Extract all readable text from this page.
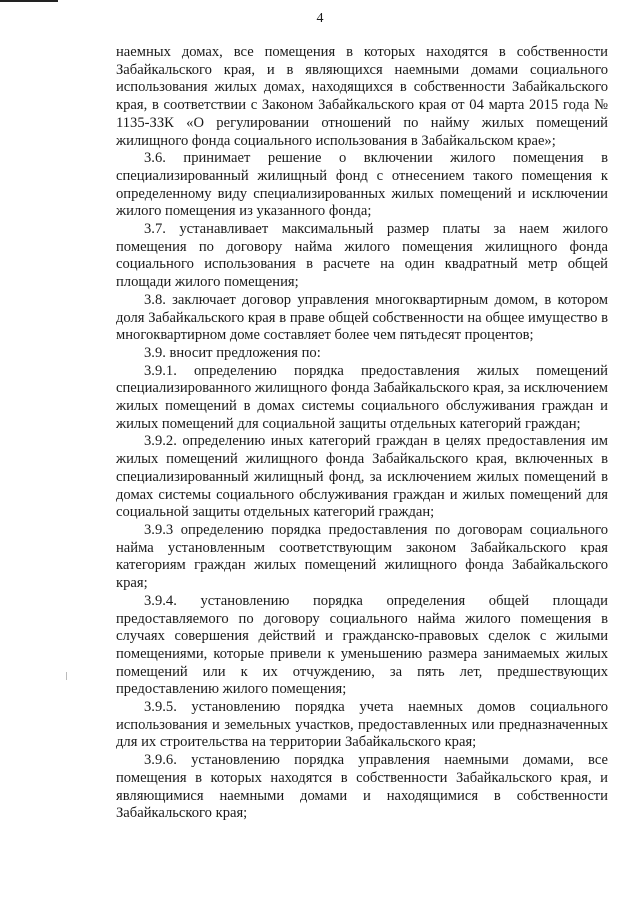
4

наемных домах, все помещения в которых находятся в собственности Забайкальского края, и в являющихся наемными домами социального использования жилых домах, находящихся в собственности Забайкальского края, в соответствии с Законом Забайкальского края от 04 марта 2015 года № 1135-ЗЗК «О регулировании отношений по найму жилых помещений жилищного фонда социального использования в Забайкальском крае»;

3.6. принимает решение о включении жилого помещения в специализированный жилищный фонд с отнесением такого помещения к определенному виду специализированных жилых помещений и исключении жилого помещения из указанного фонда;

3.7. устанавливает максимальный размер платы за наем жилого помещения по договору найма жилого помещения жилищного фонда социального использования в расчете на один квадратный метр общей площади жилого помещения;

3.8. заключает договор управления многоквартирным домом, в котором доля Забайкальского края в праве общей собственности на общее имущество в многоквартирном доме составляет более чем пятьдесят процентов;

3.9. вносит предложения по:

3.9.1. определению порядка предоставления жилых помещений специализированного жилищного фонда Забайкальского края, за исключением жилых помещений в домах системы социального обслуживания граждан и жилых помещений для социальной защиты отдельных категорий граждан;

3.9.2. определению иных категорий граждан в целях предоставления им жилых помещений жилищного фонда Забайкальского края, включенных в специализированный жилищный фонд, за исключением жилых помещений в домах системы социального обслуживания граждан и жилых помещений для социальной защиты отдельных категорий граждан;

3.9.3 определению порядка предоставления по договорам социального найма установленным соответствующим законом Забайкальского края категориям граждан жилых помещений жилищного фонда Забайкальского края;

3.9.4. установлению порядка определения общей площади предоставляемого по договору социального найма жилого помещения в случаях совершения действий и гражданско-правовых сделок с жилыми помещениями, которые привели к уменьшению размера занимаемых жилых помещений или к их отчуждению, за пять лет, предшествующих предоставлению жилого помещения;

3.9.5. установлению порядка учета наемных домов социального использования и земельных участков, предоставленных или предназначенных для их строительства на территории Забайкальского края;

3.9.6. установлению порядка управления наемными домами, все помещения в которых находятся в собственности Забайкальского края, и являющимися наемными домами и находящимися в собственности Забайкальского края;
